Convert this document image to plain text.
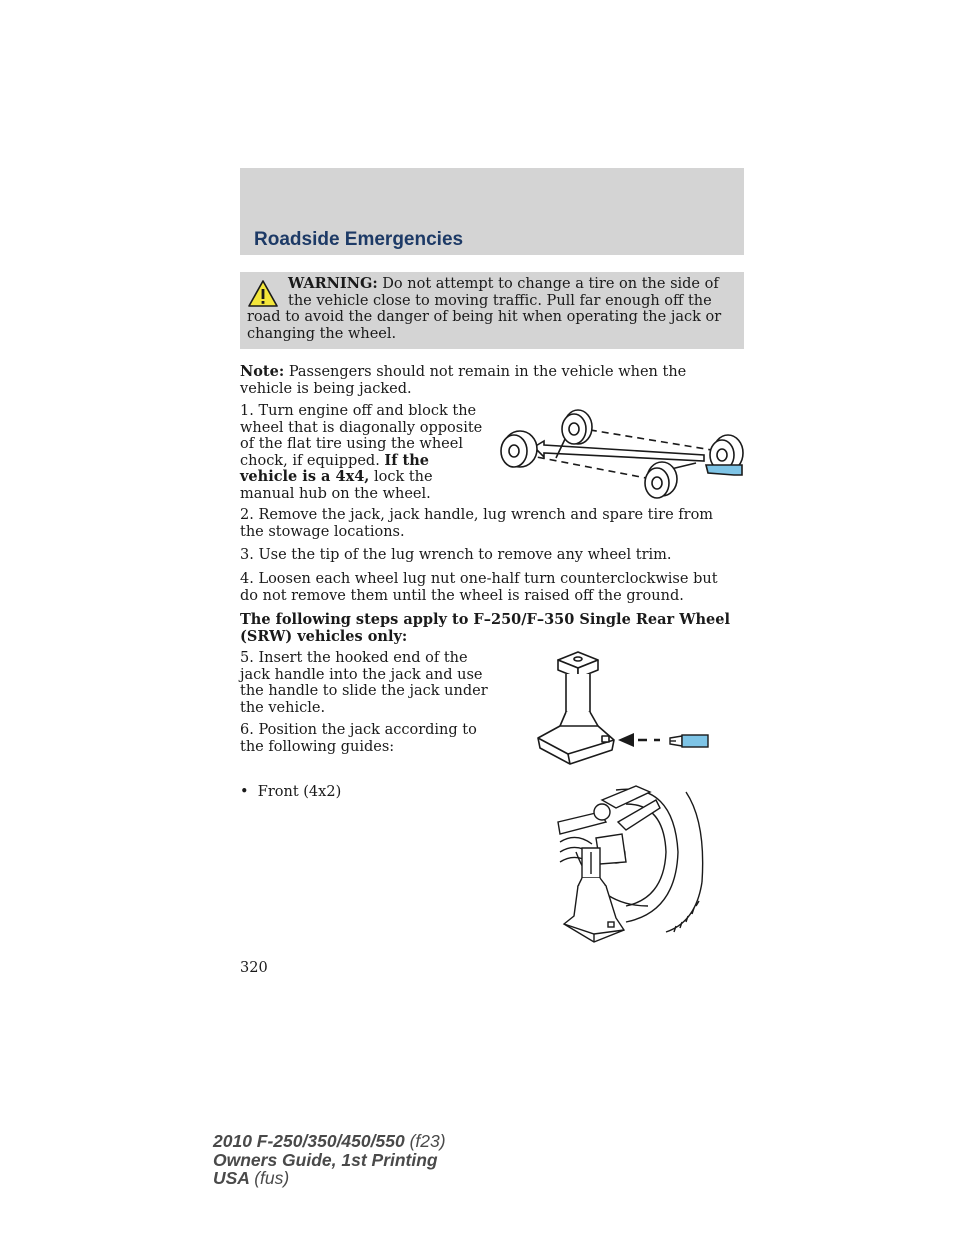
Roadside Emergencies
WARNING: Do not attempt to change a tire on the side of the vehicle close to moving traffic. Pull far enough off the road to avoid the danger of being hit when operating the jack or changing the wheel.
Note: Passengers should not remain in the vehicle when the vehicle is being jacked.
1. Turn engine off and block the wheel that is diagonally opposite of the flat tire using the wheel chock, if equipped. If the vehicle is a 4x4, lock the manual hub on the wheel.
2. Remove the jack, jack handle, lug wrench and spare tire from the stowage locations.
3. Use the tip of the lug wrench to remove any wheel trim.
4. Loosen each wheel lug nut one-half turn counterclockwise but do not remove them until the wheel is raised off the ground.
The following steps apply to F–250/F–350 Single Rear Wheel (SRW) vehicles only:
5. Insert the hooked end of the jack handle into the jack and use the handle to slide the jack under the vehicle.
6. Position the jack according to the following guides:
• Front (4x2)
320
2010 F-250/350/450/550 (f23)
Owners Guide, 1st Printing
USA (fus)
